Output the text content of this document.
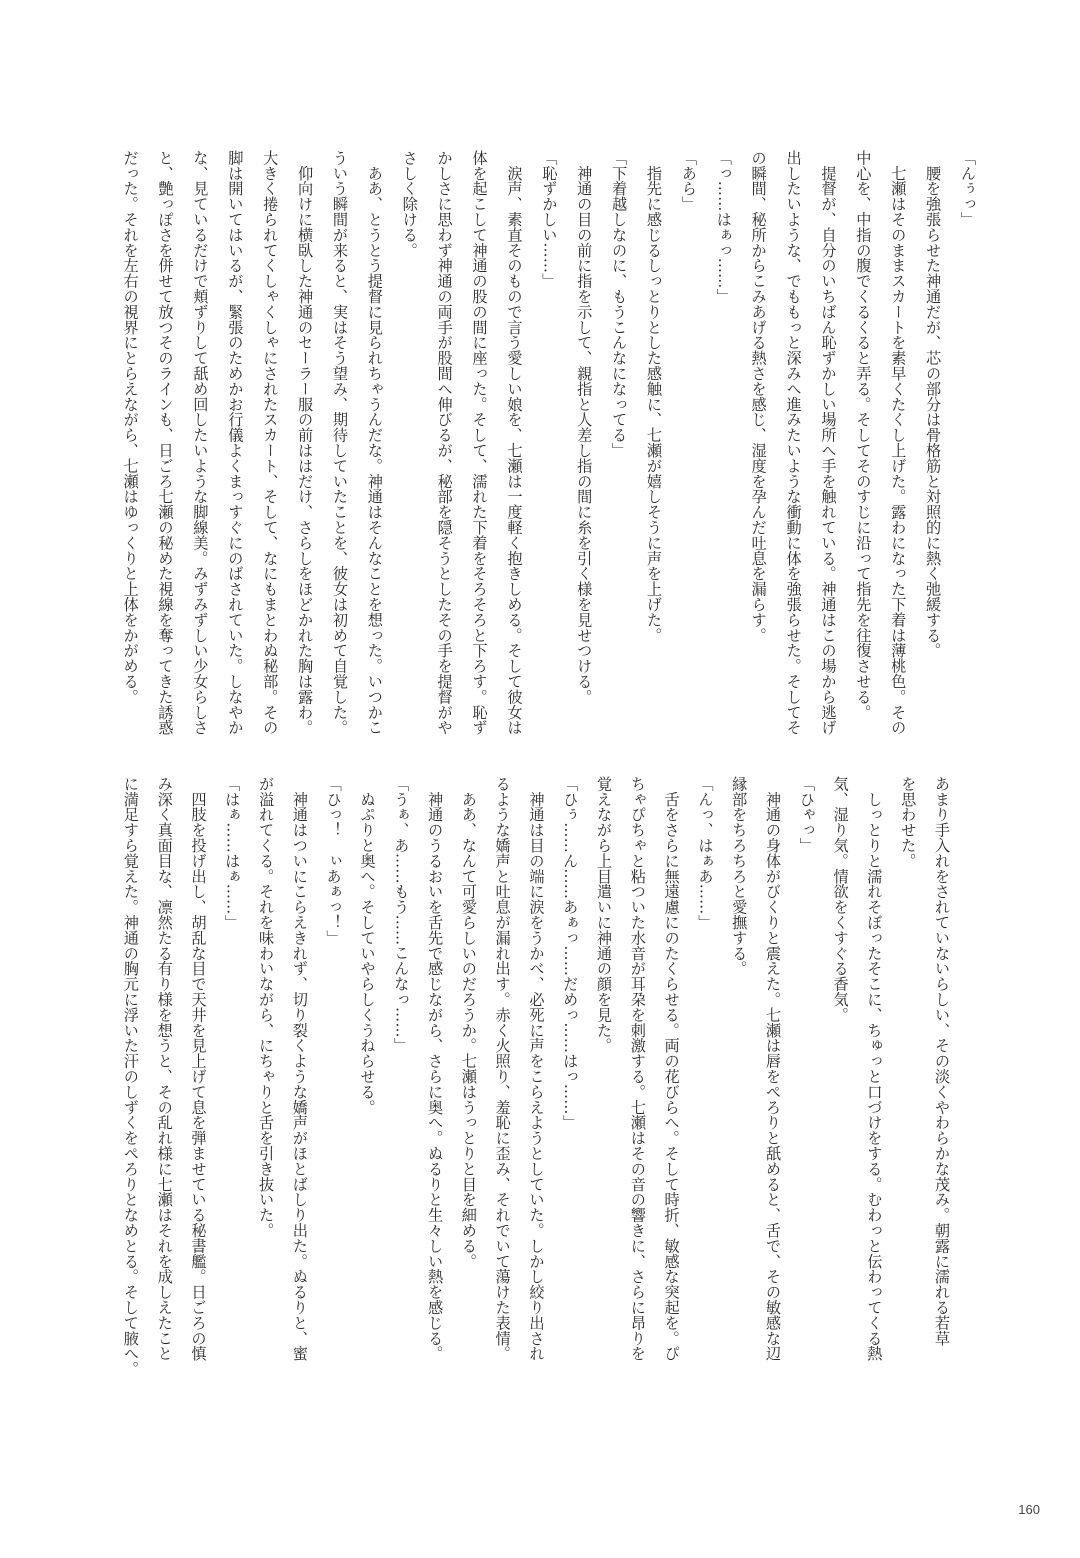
「んぅっ」
　腰を強張らせた神通だが、芯の部分は骨格筋と対照的に熱く弛緩する。
　七瀬はそのままスカートを素早くたくし上げた。露わになった下着は薄桃色。その
中心を、中指の腹でくるくると弄る。そしてそのすじに沿って指先を往復させる。
　提督が、自分のいちばん恥ずかしい場所へ手を触れている。神通はこの場から逃げ
出したいような、でももっと深みへ進みたいような衝動に体を強張らせた。そしてそ
の瞬間、秘所からこみあげる熱さを感じ、湿度を孕んだ吐息を漏らす。
「っ……はぁっ……」
「あら」
　指先に感じるしっとりとした感触に、七瀬が嬉しそうに声を上げた。
「下着越しなのに、もうこんなになってる」
　神通の目の前に指を示して、親指と人差し指の間に糸を引く様を見せつける。
「恥ずかしい……」
　涙声、素直そのもので言う愛しい娘を、七瀬は一度軽く抱きしめる。そして彼女は
体を起こして神通の股の間に座った。そして、濡れた下着をそろそろと下ろす。恥ず
かしさに思わず神通の両手が股間へ伸びるが、秘部を隠そうとしたその手を提督がや
さしく除ける。
　ああ、とうとう提督に見られちゃうんだな。神通はそんなことを想った。いつかこ
ういう瞬間が来ると、実はそう望み、期待していたことを、彼女は初めて自覚した。
　仰向けに横臥した神通のセーラー服の前ははだけ、さらしをほどかれた胸は露わ。
大きく捲られてくしゃくしゃにされたスカート、そして、なにもまとわぬ秘部。その
脚は開いてはいるが、緊張のためかお行儀よくまっすぐにのばされていた。しなやか
な、見ているだけで頬ずりして舐め回したいような脚線美。みずみずしい少女らしさ
と、艶っぽさを併せて放つそのラインも、日ごろ七瀬の秘めた視線を奪ってきた誘惑
だった。それを左右の視界にとらえながら、七瀬はゆっくりと上体をかがめる。
あまり手入れをされていないらしい、その淡くやわらかな茂み。朝露に濡れる若草
を思わせた。
　しっとりと濡れそぼったそこに、ちゅっと口づけをする。むわっと伝わってくる熱
気、湿り気。情欲をくすぐる香気。
「ひゃっ」
　神通の身体がびくりと震えた。七瀬は唇をぺろりと舐めると、舌で、その敏感な辺
縁部をちろちろと愛撫する。
「んっ、はぁあ……」
　舌をさらに無遠慮にのたくらせる。両の花びらへ。そして時折、敏感な突起を。ぴ
ちゃぴちゃと粘ついた水音が耳朶を刺激する。七瀬はその音の響きに、さらに昂りを
覚えながら上目遣いに神通の顔を見た。
「ひぅ……ん……あぁっ……だめっ……はっ……」
　神通は目の端に涙をうかべ、必死に声をこらえようとしていた。しかし絞り出され
るような嬌声と吐息が漏れ出す。赤く火照り、羞恥に歪み、それでいて蕩けた表情。
　ああ、なんて可愛らしいのだろうか。七瀬はうっとりと目を細める。
　神通のうるおいを舌先で感じながら、さらに奥へ。ぬるりと生々しい熱を感じる。
「うぁ、あ……もう……こんなっ……」
　ぬぷりと奥へ。そしていやらしくうねらせる。
「ひっ！　ぃあぁっ！」
　神通はついにこらえきれず、切り裂くような嬌声がほとばしり出た。ぬるりと、蜜
が溢れてくる。それを味わいながら、にちゃりと舌を引き抜いた。
「はぁ……はぁ……」
　四肢を投げ出し、胡乱な目で天井を見上げて息を弾ませている秘書艦。日ごろの慎
み深く真面目な、凛然たる有り様を想うと、その乱れ様に七瀬はそれを成しえたこと
に満足すら覚えた。神通の胸元に浮いた汗のしずくをぺろりとなめとる。そして腋へ。
160
